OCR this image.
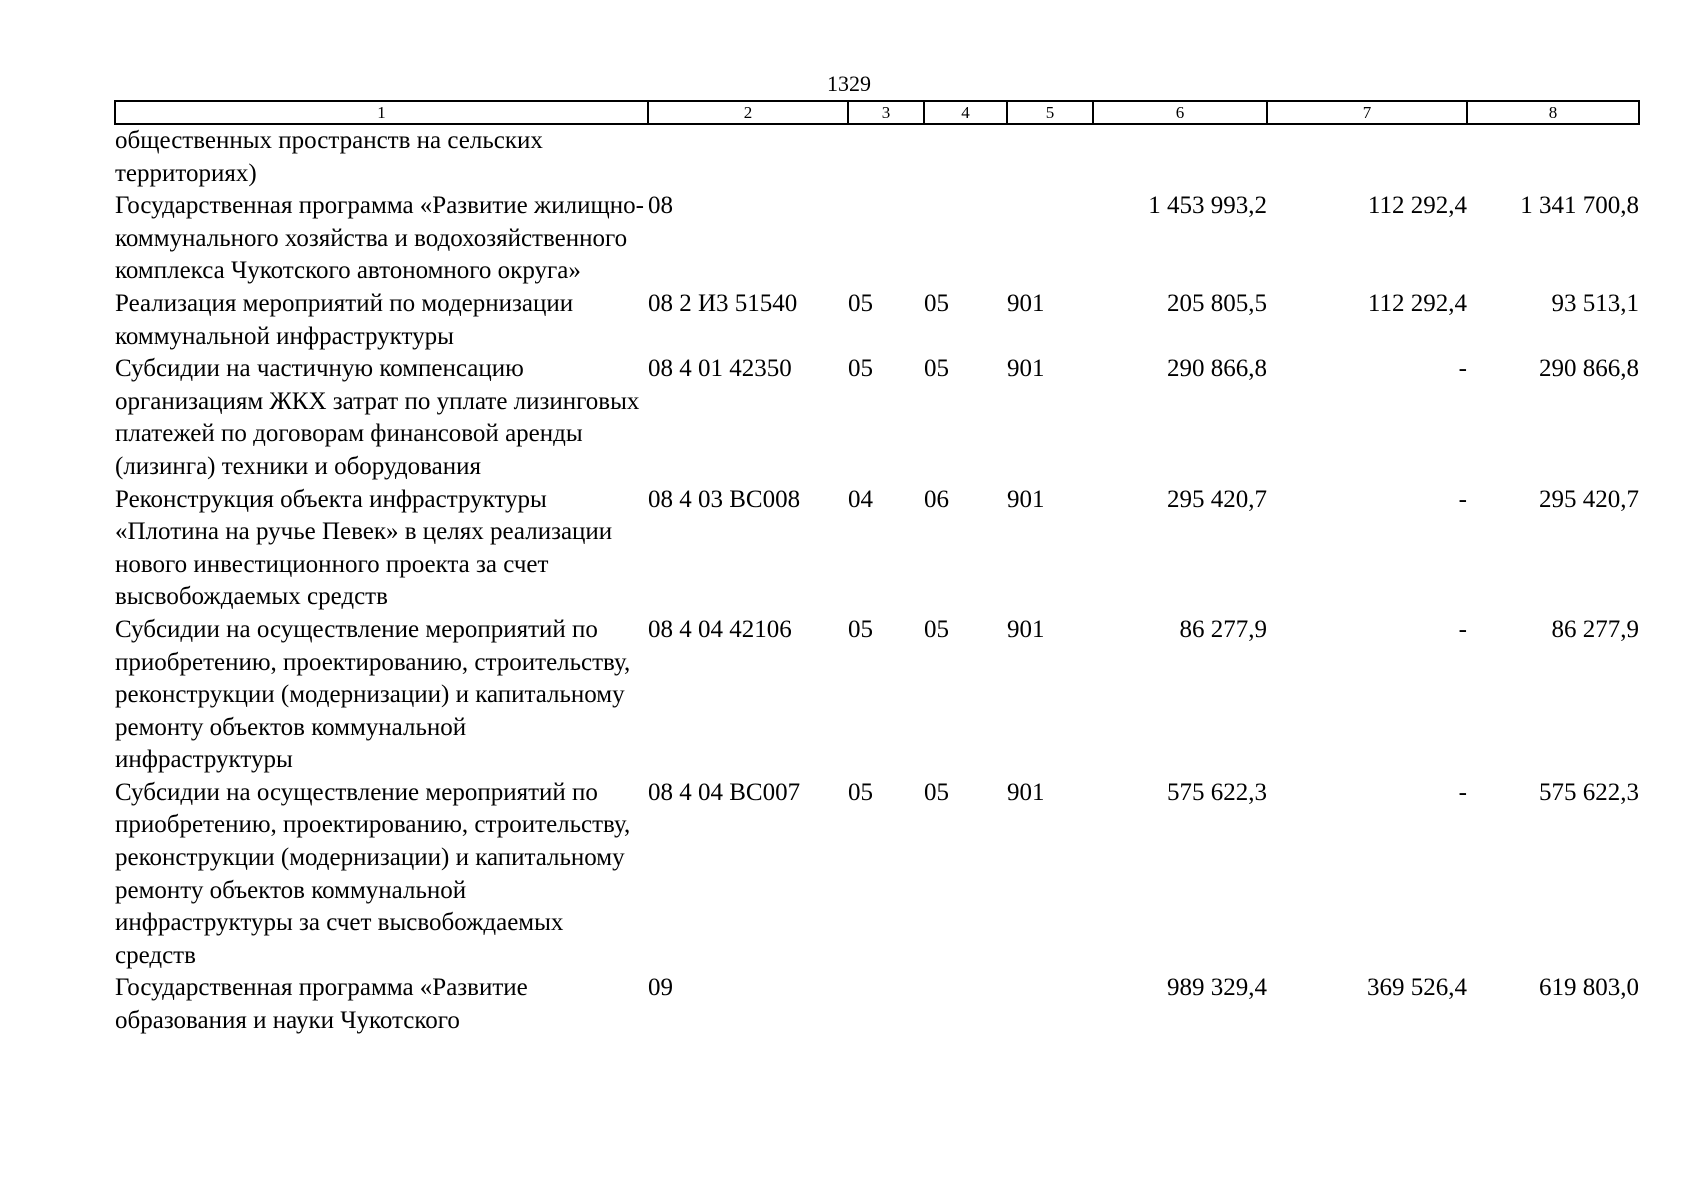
1329
1	2	3	4	5	6	7	8
общественных пространств на сельских территориях)							
Государственная программа «Развитие жилищно-коммунального хозяйства и водохозяйственного комплекса Чукотского автономного округа»	08				1 453 993,2	112 292,4	1 341 700,8
Реализация мероприятий по модернизации коммунальной инфраструктуры	08 2 И3 51540	05	05	901	205 805,5	112 292,4	93 513,1
Субсидии на частичную компенсацию организациям ЖКХ затрат по уплате лизинговых платежей по договорам финансовой аренды (лизинга) техники и оборудования	08 4 01 42350	05	05	901	290 866,8	-	290 866,8
Реконструкция объекта инфраструктуры «Плотина на ручье Певек» в целях реализации нового инвестиционного проекта за счет высвобождаемых средств	08 4 03 ВС008	04	06	901	295 420,7	-	295 420,7
Субсидии на осуществление мероприятий по приобретению, проектированию, строительству, реконструкции (модернизации) и капитальному ремонту объектов коммунальной инфраструктуры	08 4 04 42106	05	05	901	86 277,9	-	86 277,9
Субсидии на осуществление мероприятий по приобретению, проектированию, строительству, реконструкции (модернизации) и капитальному ремонту объектов коммунальной инфраструктуры за счет высвобождаемых средств	08 4 04 ВС007	05	05	901	575 622,3	-	575 622,3
Государственная программа «Развитие образования и науки Чукотского	09				989 329,4	369 526,4	619 803,0
